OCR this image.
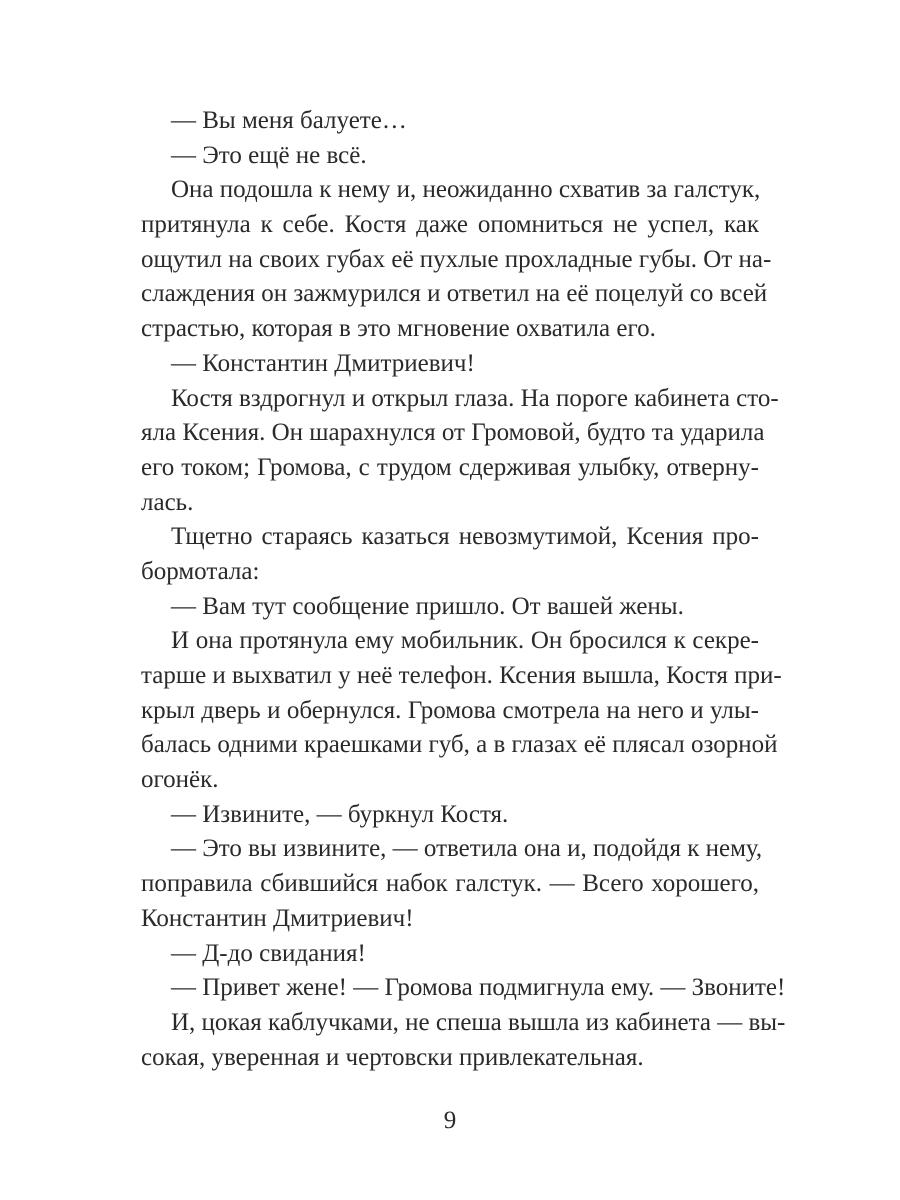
— Вы меня балуете…
— Это ещё не всё.
Она подошла к нему и, неожиданно схватив за галстук,
притянула к себе. Костя даже опомниться не успел, как
ощутил на своих губах её пухлые прохладные губы. От на-
слаждения он зажмурился и ответил на её поцелуй со всей
страстью, которая в это мгновение охватила его.
— Константин Дмитриевич!
Костя вздрогнул и открыл глаза. На пороге кабинета сто-
яла Ксения. Он шарахнулся от Громовой, будто та ударила
его током; Громова, с трудом сдерживая улыбку, отверну-
лась.
Тщетно стараясь казаться невозмутимой, Ксения про-
бормотала:
— Вам тут сообщение пришло. От вашей жены.
И она протянула ему мобильник. Он бросился к секре-
тарше и выхватил у неё телефон. Ксения вышла, Костя при-
крыл дверь и обернулся. Громова смотрела на него и улы-
балась одними краешками губ, а в глазах её плясал озорной
огонёк.
— Извините, — буркнул Костя.
— Это вы извините, — ответила она и, подойдя к нему,
поправила сбившийся набок галстук. — Всего хорошего,
Константин Дмитриевич!
— Д-до свидания!
— Привет жене! — Громова подмигнула ему. — Звоните!
И, цокая каблучками, не спеша вышла из кабинета — вы-
сокая, уверенная и чертовски привлекательная.
9
